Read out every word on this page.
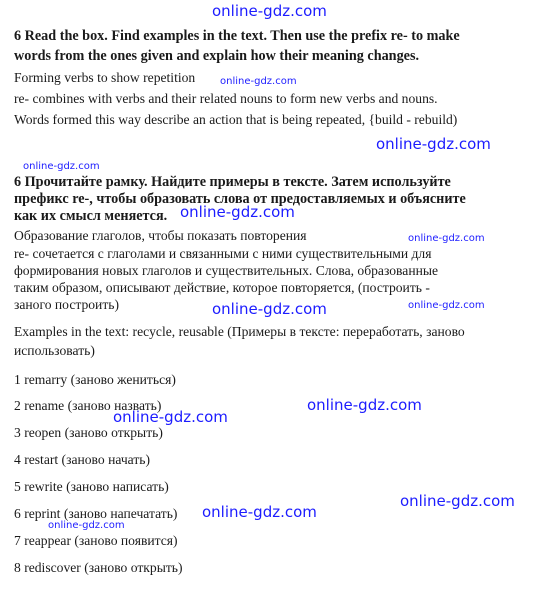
online-gdz.com
online-gdz.com
online-gdz.com
online-gdz.com
online-gdz.com
online-gdz.com
online-gdz.com
online-gdz.com
online-gdz.com
online-gdz.com
online-gdz.com
online-gdz.com
online-gdz.com
6 Read the box. Find examples in the text. Then use the prefix re- to make
words from the ones given and explain how their meaning changes.
Forming verbs to show repetition
re- combines with verbs and their related nouns to form new verbs and nouns.
Words formed this way describe an action that is being repeated, {build - rebuild)
6 Прочитайте рамку. Найдите примеры в тексте. Затем используйте
префикс re-, чтобы образовать слова от предоставляемых и объясните
как их смысл меняется.
Образование глаголов, чтобы показать повторения
re- сочетается с глаголами и связанными с ними существительными для
формирования новых глаголов и существительных. Слова, образованные
таким образом, описывают действие, которое повторяется, (построить -
заного построить)
Examples in the text: recycle, reusable (Примеры в тексте: переработать, заново
использовать)
1 remarry (заново жениться)
2 rename (заново назвать)
3 reopen (заново открыть)
4 restart (заново начать)
5 rewrite (заново написать)
6 reprint (заново напечатать)
7 reappear (заново появится)
8 rediscover (заново открыть)
